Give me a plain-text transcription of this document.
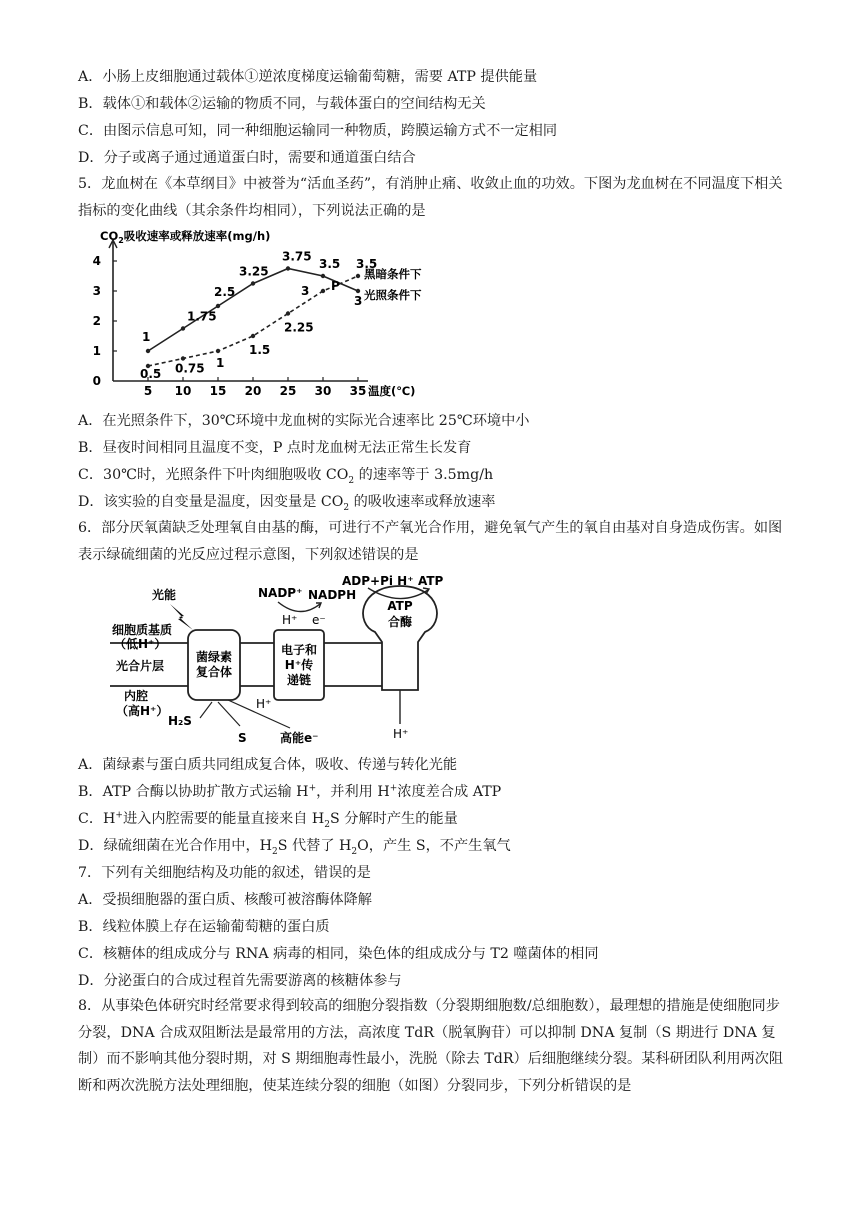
A．小肠上皮细胞通过载体①逆浓度梯度运输葡萄糖，需要 ATP 提供能量
B．载体①和载体②运输的物质不同，与载体蛋白的空间结构无关
C．由图示信息可知，同一种细胞运输同一种物质，跨膜运输方式不一定相同
D．分子或离子通过通道蛋白时，需要和通道蛋白结合

5．龙血树在《本草纲目》中被誉为“活血圣药”，有消肿止痛、收敛止血的功效。下图为龙血树在不同温度下相关指标的变化曲线（其余条件均相同），下列说法正确的是

$CO_2$吸收速率或释放速率(mg/h)
温度(℃)
0
1
2
3
4
5 10 15 20 25 30 35
1
1.75
2.5
3.25
3.75
3.5
3 光照条件下
0.5 0.75 1
1.5
2.25
3
3.5
黑暗条件下
P
A．在光照条件下，30℃环境中龙血树的实际光合速率比 25℃环境中小
B．昼夜时间相同且温度不变，P 点时龙血树无法正常生长发育
C．30℃时，光照条件下叶肉细胞吸收 $CO_2$ 的速率等于 3.5mg/h
D．该实验的自变量是温度，因变量是 $CO_2$ 的吸收速率或释放速率

6．部分厌氧菌缺乏处理氧自由基的酶，可进行不产氧光合作用，避免氧气产生的氧自由基对自身造成伤害。如图表示绿硫细菌的光反应过程示意图，下列叙述错误的是

细胞质基质
（低H⁺）
光合片层
内腔
（高H⁺）
光能
菌绿素
复合体
电子和
H⁺传
递链
NADP⁺ NADPH
H⁺ e⁻
ATP
合酶
H⁺
ADP+Pi H⁺ ATP
H⁺
H₂S
S	高能e⁻
A．菌绿素与蛋白质共同组成复合体，吸收、传递与转化光能
B．ATP 合酶以协助扩散方式运输 H+，并利用 H+浓度差合成 ATP
C．H+进入内腔需要的能量直接来自 $H_2S$ 分解时产生的能量
D．绿硫细菌在光合作用中，$H_2S$ 代替了 $H_2O$，产生 S，不产生氧气
7．下列有关细胞结构及功能的叙述，错误的是
A．受损细胞器的蛋白质、核酸可被溶酶体降解
B．线粒体膜上存在运输葡萄糖的蛋白质
C．核糖体的组成成分与 RNA 病毒的相同，染色体的组成成分与 T2 噬菌体的相同
D．分泌蛋白的合成过程首先需要游离的核糖体参与

8．从事染色体研究时经常要求得到较高的细胞分裂指数（分裂期细胞数/总细胞数），最理想的措施是使细胞同步分裂，DNA 合成双阻断法是最常用的方法，高浓度 TdR（脱氧胸苷）可以抑制 DNA 复制（S 期进行 DNA 复制）而不影响其他分裂时期，对 S 期细胞毒性最小，洗脱（除去 TdR）后细胞继续分裂。某科研团队利用两次阻断和两次洗脱方法处理细胞，使某连续分裂的细胞（如图）分裂同步，下列分析错误的是
